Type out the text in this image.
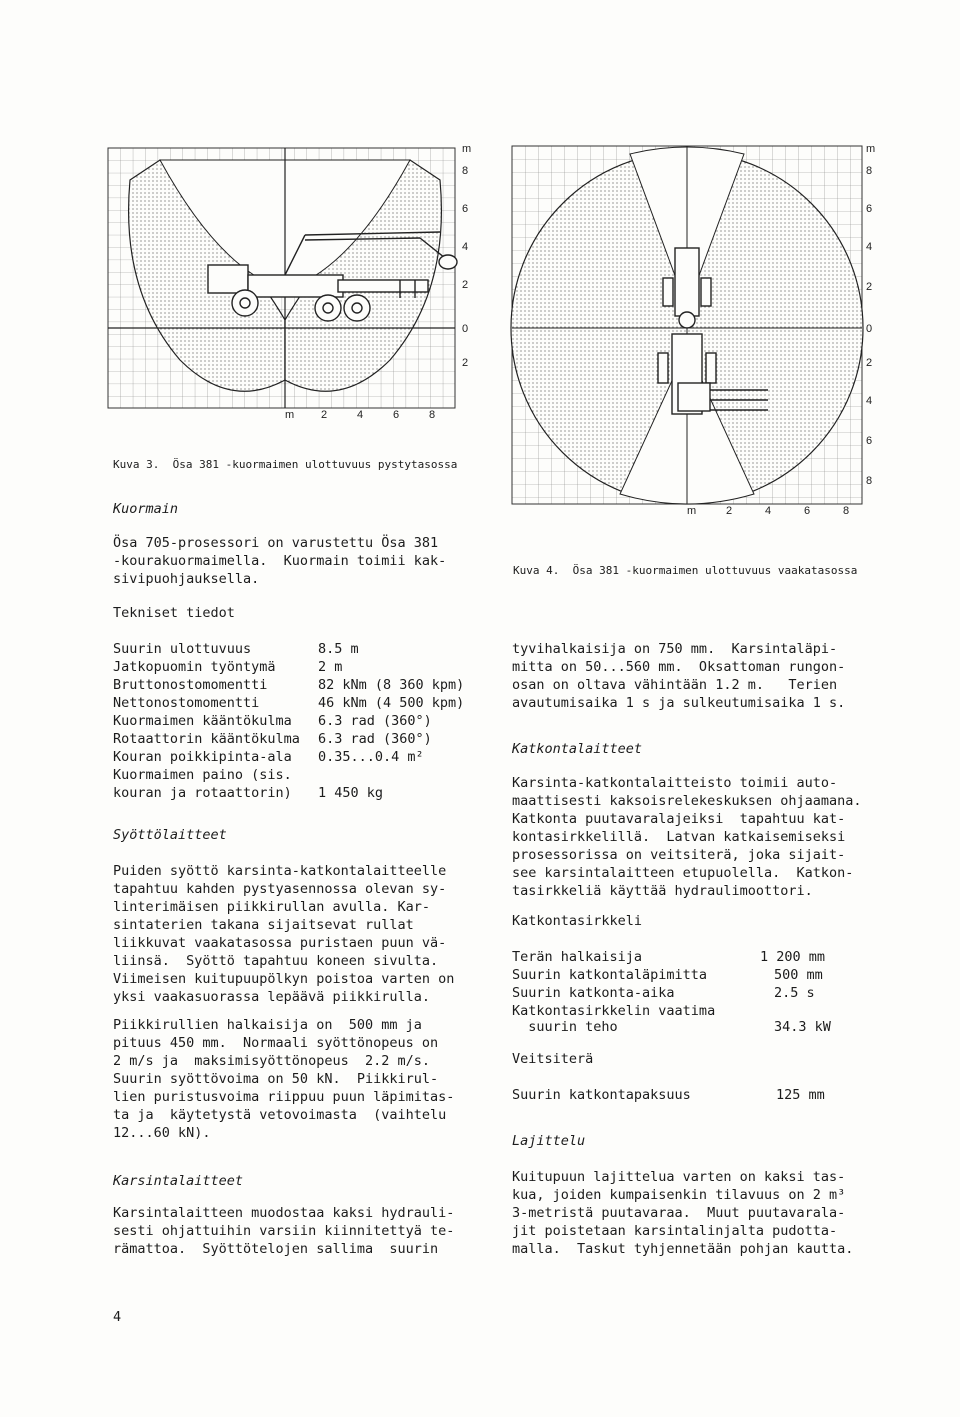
m
8
6
4
2
0
2
m 2	4	6	8
Kuva 3.  Ösa 381 -kuormaimen ulottuvuus pystytasossa
m
8
6
4
2
0
2
4
6
8
m	2	4	6	8
Kuva 4.  Ösa 381 -kuormaimen ulottuvuus vaakatasossa
Kuormain
Ösa 705-prosessori on varustettu Ösa 381
-kourakuormaimella.  Kuormain toimii kak-
sivipuohjauksella.
Tekniset tiedot
Suurin ulottuvuus	8.5 m
Jatkopuomin työntymä	2 m
Bruttonostomomentti	82 kNm (8 360 kpm)
Nettonostomomentti	46 kNm (4 500 kpm)
Kuormaimen kääntökulma 6.3 rad (360°)
Rotaattorin kääntökulma 6.3 rad (360°)
Kouran poikkipinta-ala 0.35...0.4 m²
Kuormaimen paino (sis.
kouran ja rotaattorin) 1 450 kg
Syöttölaitteet
Puiden syöttö karsinta-katkontalaitteelle
tapahtuu kahden pystyasennossa olevan sy-
linterimäisen piikkirullan avulla. Kar-
sintaterien takana sijaitsevat rullat
liikkuvat vaakatasossa puristaen puun vä-
liinsä.  Syöttö tapahtuu koneen sivulta.
Viimeisen kuitupuupölkyn poistoa varten on
yksi vaakasuorassa lepäävä piikkirulla.
Piikkirullien halkaisija on  500 mm ja
pituus 450 mm.  Normaali syöttönopeus on
2 m/s ja  maksimisyöttönopeus  2.2 m/s.
Suurin syöttövoima on 50 kN.  Piikkirul-
lien puristusvoima riippuu puun läpimitas-
ta ja  käytetystä vetovoimasta  (vaihtelu
12...60 kN).
Karsintalaitteet
Karsintalaitteen muodostaa kaksi hydrauli-
sesti ohjattuihin varsiin kiinnitettyä te-
rämattoa.  Syöttötelojen sallima  suurin
tyvihalkaisija on 750 mm.  Karsintaläpi-
mitta on 50...560 mm.  Oksattoman rungon-
osan on oltava vähintään 1.2 m.   Terien
avautumisaika 1 s ja sulkeutumisaika 1 s.
Katkontalaitteet
Karsinta-katkontalaitteisto toimii auto-
maattisesti kaksoisrelekeskuksen ohjaamana.
Katkonta puutavaralajeiksi  tapahtuu kat-
kontasirkkelillä.  Latvan katkaisemiseksi
prosessorissa on veitsiterä, joka sijait-
see karsintalaitteen etupuolella.  Katkon-
tasirkkeliä käyttää hydraulimoottori.
Katkontasirkkeli
Terän halkaisija	1 200 mm
Suurin katkontaläpimitta	500 mm
Suurin katkonta-aika	2.5 s
Katkontasirkkelin vaatima
suurin teho	34.3 kW
Veitsiterä
Suurin katkontapaksuus	125 mm
Lajittelu
Kuitupuun lajittelua varten on kaksi tas-
kua, joiden kumpaisenkin tilavuus on 2 m³
3-metristä puutavaraa.  Muut puutavarala-
jit poistetaan karsintalinjalta pudotta-
malla.  Taskut tyhjennetään pohjan kautta.
4
